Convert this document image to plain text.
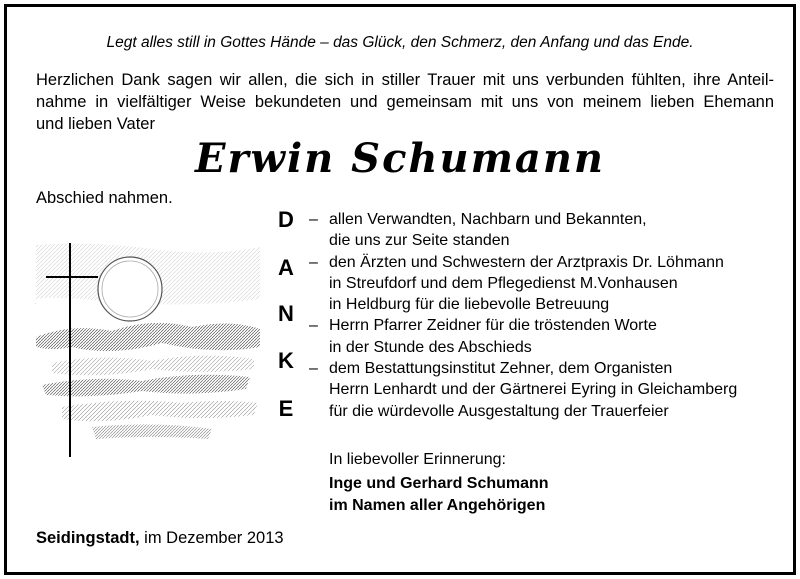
Legt alles still in Gottes Hände – das Glück, den Schmerz, den Anfang und das Ende.
Herzlichen Dank sagen wir allen, die sich in stiller Trauer mit uns verbunden fühlten, ihre Anteil-
nahme in vielfältiger Weise bekundeten und gemeinsam mit uns von meinem lieben Ehemann
und lieben Vater
Erwin Schumann
Abschied nahmen.
D
A
N
K
E
– allen Verwandten, Nachbarn und Bekannten,
die uns zur Seite standen
– den Ärzten und Schwestern der Arztpraxis Dr. Löhmann
in Streufdorf und dem Pflegedienst M.Vonhausen
in Heldburg für die liebevolle Betreuung
– Herrn Pfarrer Zeidner für die tröstenden Worte
in der Stunde des Abschieds
– dem Bestattungsinstitut Zehner, dem Organisten
Herrn Lenhardt und der Gärtnerei Eyring in Gleichamberg
für die würdevolle Ausgestaltung der Trauerfeier
In liebevoller Erinnerung:
Inge und Gerhard Schumann
im Namen aller Angehörigen
Seidingstadt, im Dezember 2013
